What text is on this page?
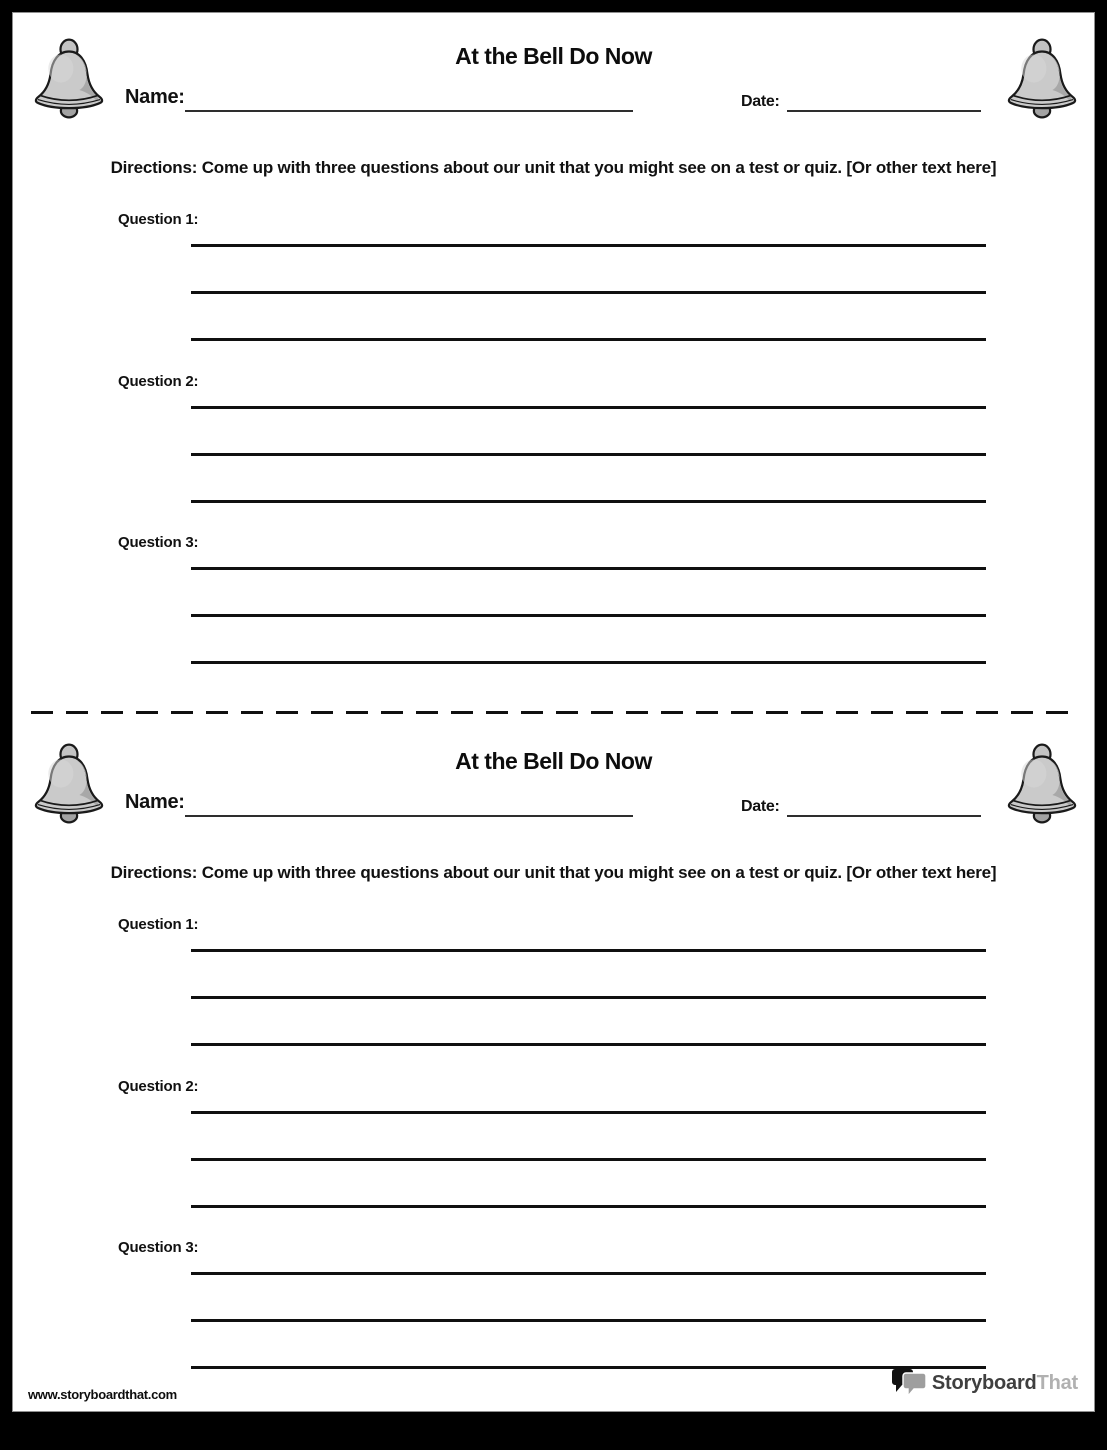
At the Bell Do Now
Name:	Date:
Directions: Come up with three questions about our unit that you might see on a test or quiz. [Or other text here]
Question 1:
Question 2:
Question 3:
At the Bell Do Now
Name:	Date:
Directions: Come up with three questions about our unit that you might see on a test or quiz. [Or other text here]
Question 1:
Question 2:
Question 3:
www.storyboardthat.com
StoryboardThat
